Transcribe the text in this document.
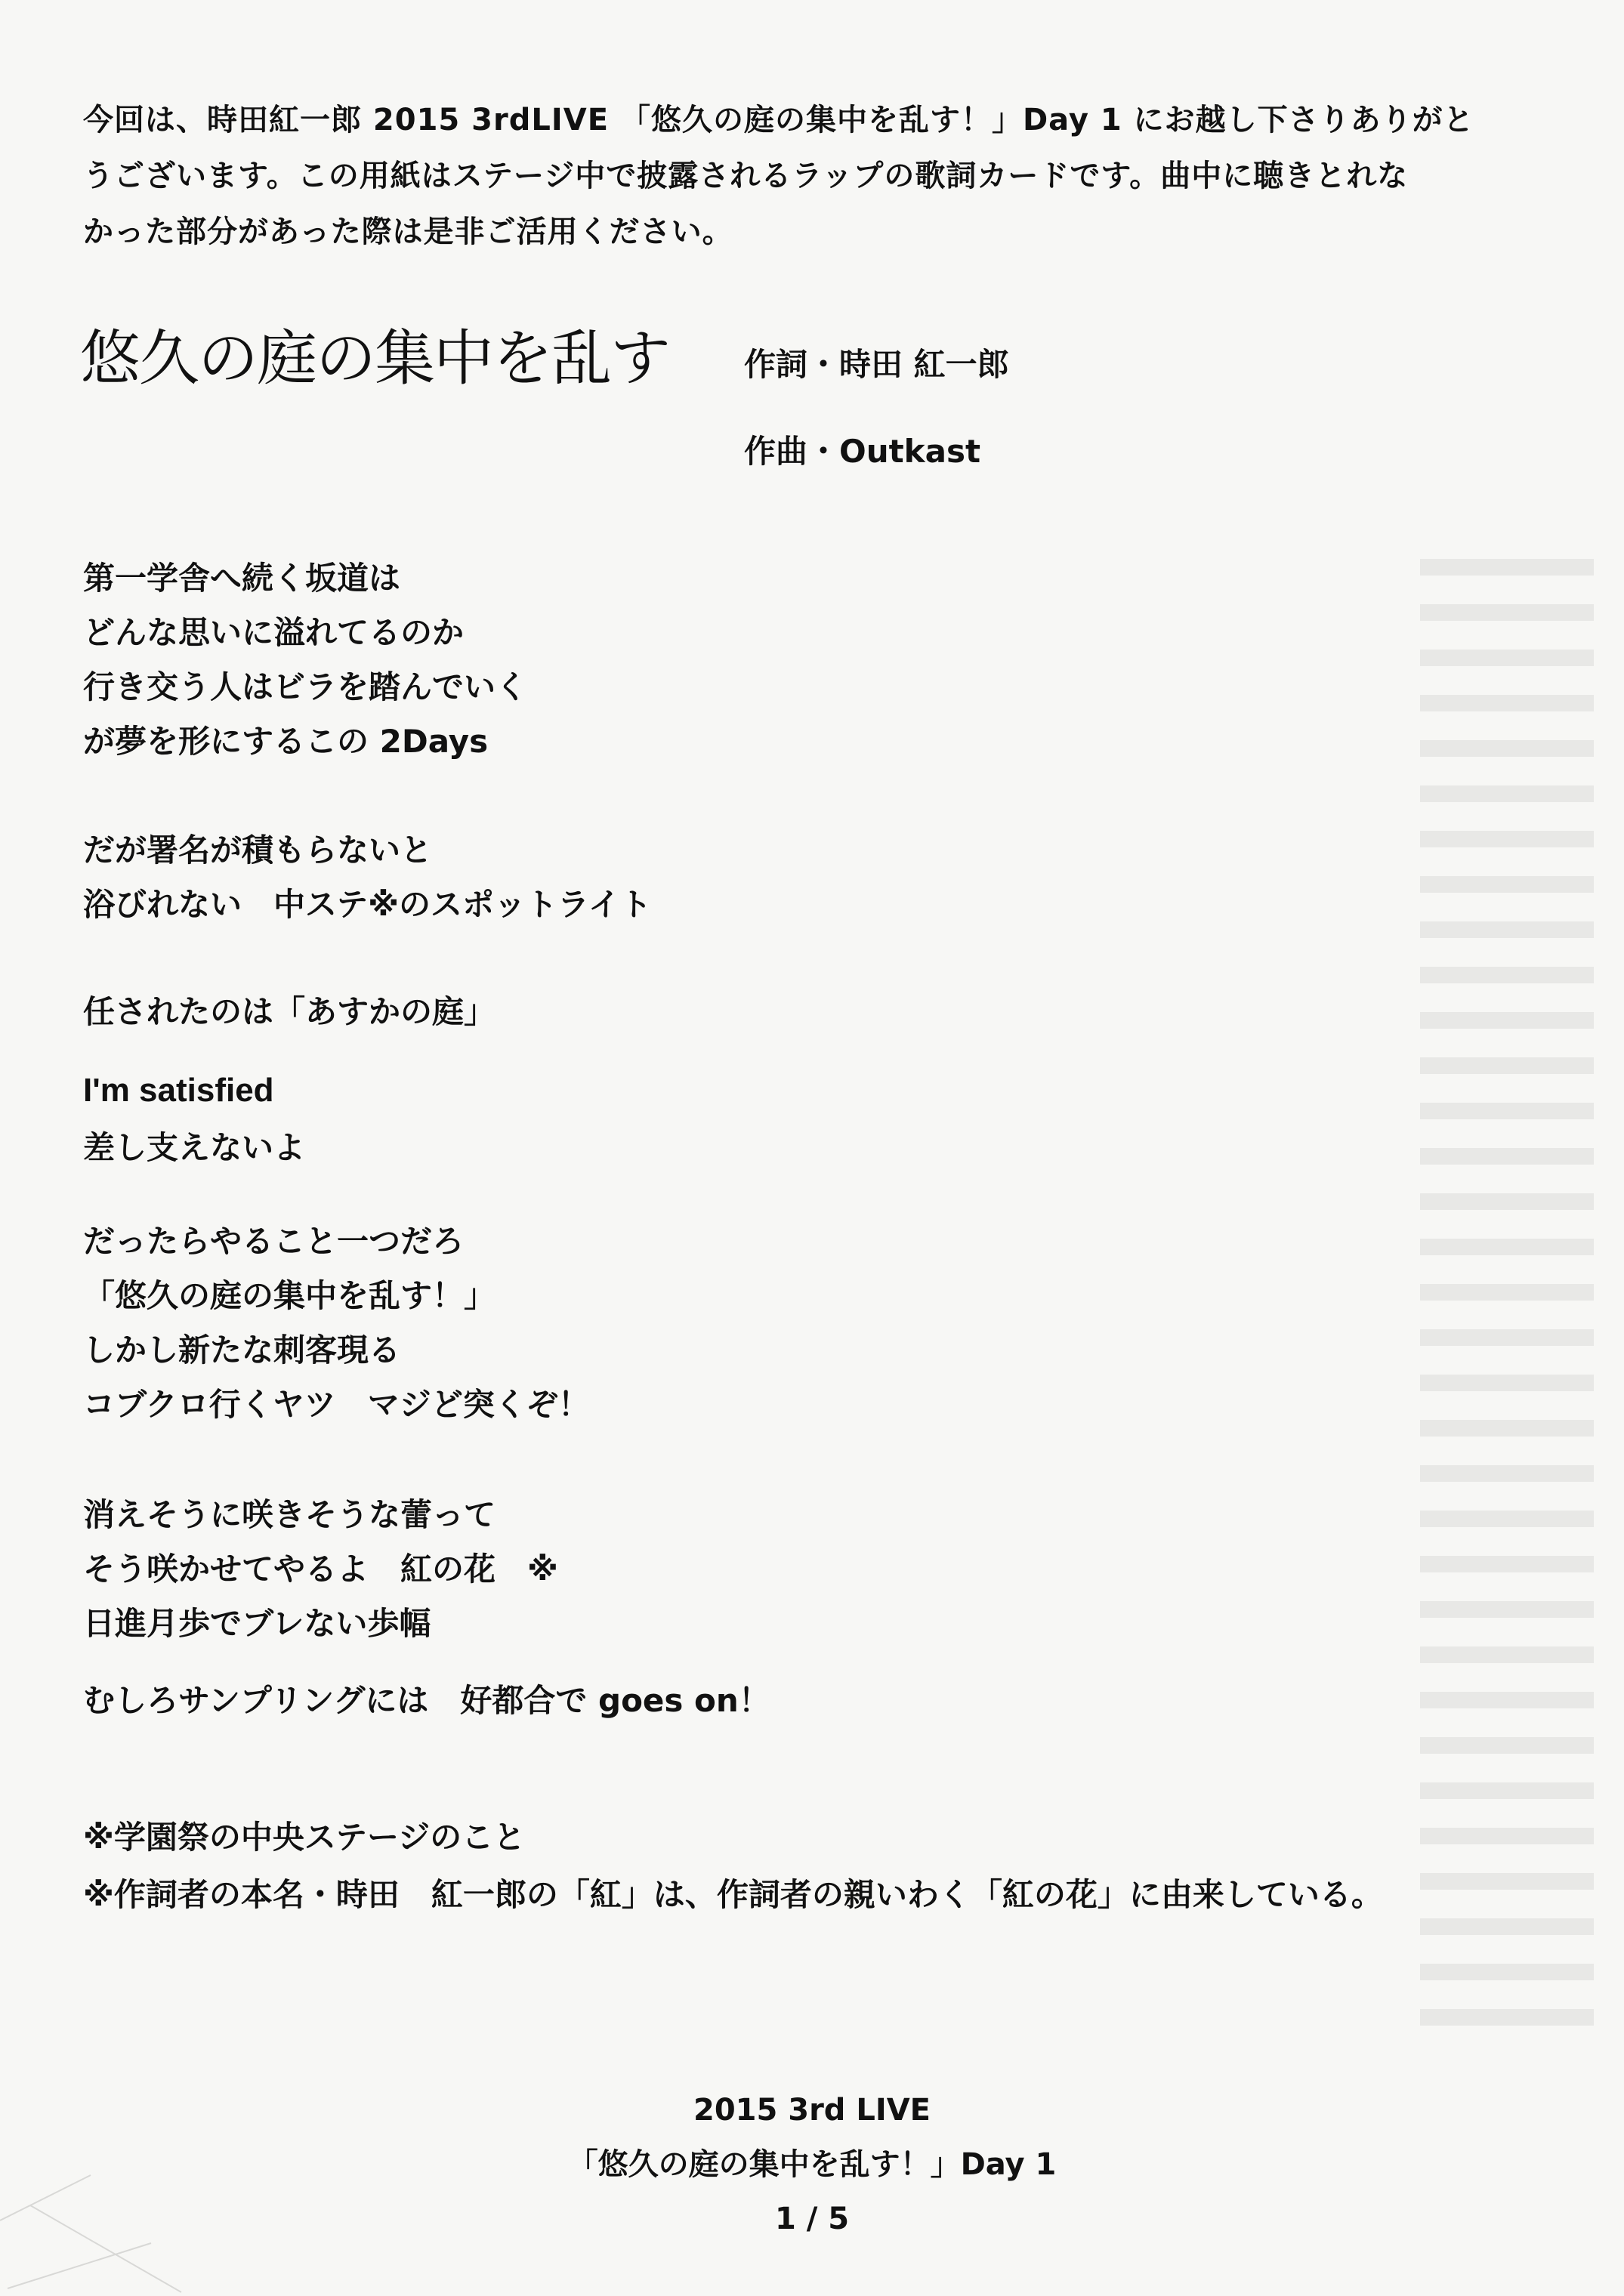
今回は、時田紅一郎 2015 3rdLIVE 「悠久の庭の集中を乱す！」Day 1 にお越し下さりありがと
うございます。この用紙はステージ中で披露されるラップの歌詞カードです。曲中に聴きとれな
かった部分があった際は是非ご活用ください。
悠久の庭の集中を乱す 作詞・時田 紅一郎
作曲・Outkast
第一学舎へ続く坂道は
どんな思いに溢れてるのか
行き交う人はビラを踏んでいく
が夢を形にするこの 2Days
だが署名が積もらないと
浴びれない　中ステ※のスポットライト
任されたのは「あすかの庭」
I'm satisfied
差し支えないよ
だったらやること一つだろ
「悠久の庭の集中を乱す！」
しかし新たな刺客現る
コブクロ行くヤツ　マジど突くぞ！
消えそうに咲きそうな蕾って
そう咲かせてやるよ　紅の花　※
日進月歩でブレない歩幅
むしろサンプリングには　好都合で goes on！
※学園祭の中央ステージのこと
※作詞者の本名・時田　紅一郎の「紅」は、作詞者の親いわく「紅の花」に由来している。
2015 3rd LIVE
「悠久の庭の集中を乱す！」Day 1
1 / 5
